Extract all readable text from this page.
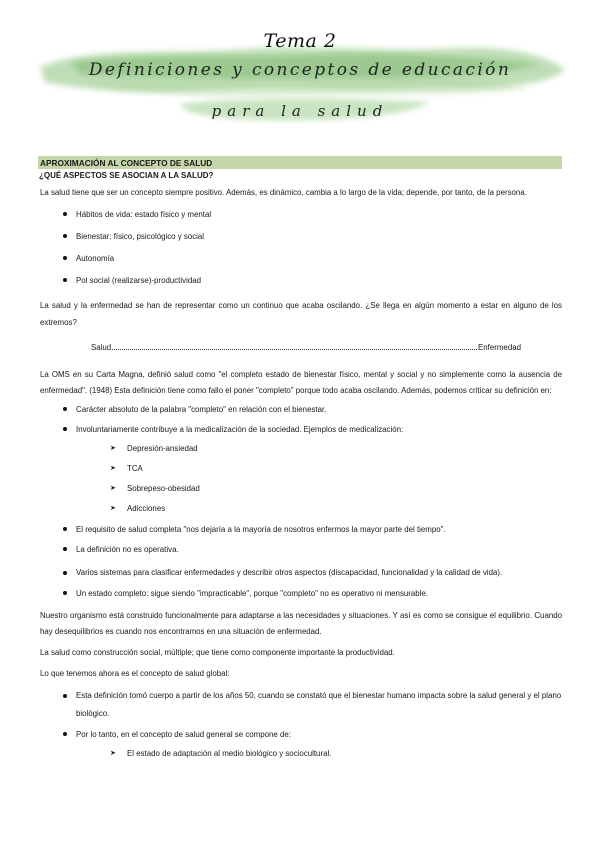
Tema 2
Definiciones y conceptos de educación
para la salud
APROXIMACIÓN AL CONCEPTO DE SALUD
¿QUÉ ASPECTOS SE ASOCIAN A LA SALUD?

La salud tiene que ser un concepto siempre positivo. Además, es dinámico, cambia a lo largo de la vida; depende, por tanto, de la persona.

Hábitos de vida: estado físico y mental
Bienestar: físico, psicológico y social
Autonomía
Pol social (realizarse)-productividad

La salud y la enfermedad se han de representar como un continuo que acaba oscilando. ¿Se llega en algún momento a estar en alguno de los extremos?

Salud	Enfermedad

La OMS en su Carta Magna, definió salud como "el completo estado de bienestar físico, mental y social y no simplemente como la ausencia de enfermedad". (1948) Esta definición tiene como fallo el poner "completo" porque todo acaba oscilando. Además, podemos criticar su definición en:

Carácter absoluto de la palabra "completo" en relación con el bienestar.
Involuntariamente contribuye a la medicalización de la sociedad. Ejemplos de medicalización:
➤ Depresión-ansiedad
➤ TCA
➤ Sobrepeso-obesidad
➤ Adicciones
El requisito de salud completa "nos dejaría a la mayoría de nosotros enfermos la mayor parte del tiempo".
La definición no es operativa.
Varios sistemas para clasificar enfermedades y describir otros aspectos (discapacidad, funcionalidad y la calidad de vida).
Un estado completo: sigue siendo "impracticable", porque "completo" no es operativo ni mensurable.

Nuestro organismo está construido funcionalmente para adaptarse a las necesidades y situaciones. Y así es como se consigue el equilibrio. Cuando hay desequilibrios es cuando nos encontramos en una situación de enfermedad.

La salud como construcción social, múltiple; que tiene como componente importante la productividad.

Lo que tenemos ahora es el concepto de salud global:

Esta definición tomó cuerpo a partir de los años 50, cuando se constató que el bienestar humano impacta sobre la salud general y el plano biológico.
Por lo tanto, en el concepto de salud general se compone de:
➤ El estado de adaptación al medio biológico y sociocultural.
